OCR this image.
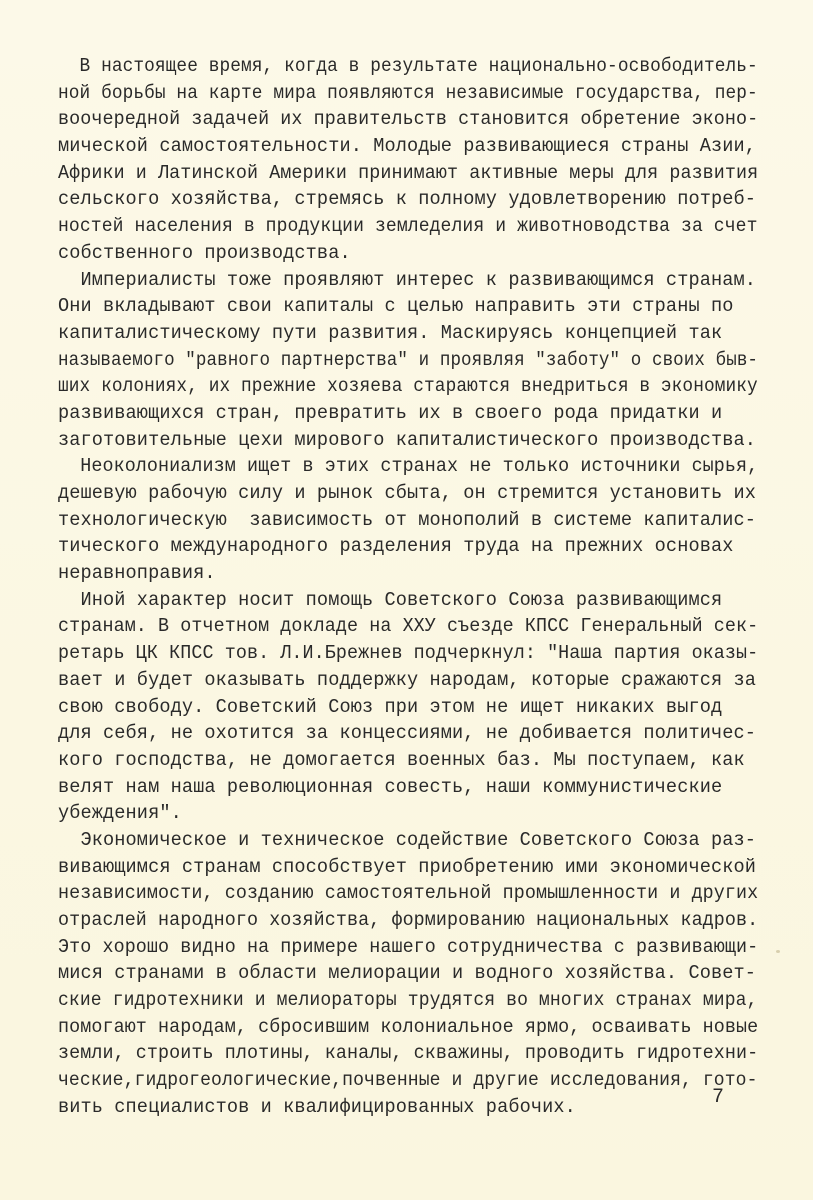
В настоящее время, когда в результате национально-освободитель-
ной борьбы на карте мира появляются независимые государства, пер-
воочередной задачей их правительств становится обретение эконо-
мической самостоятельности. Молодые развивающиеся страны Азии,
Африки и Латинской Америки принимают активные меры для развития
сельского хозяйства, стремясь к полному удовлетворению потреб-
ностей населения в продукции земледелия и животноводства за счет
собственного производства.
Империалисты тоже проявляют интерес к развивающимся странам.
Они вкладывают свои капиталы с целью направить эти страны по
капиталистическому пути развития. Маскируясь концепцией так
называемого "равного партнерства" и проявляя "заботу" о своих быв-
ших колониях, их прежние хозяева стараются внедриться в экономику
развивающихся стран, превратить их в своего рода придатки и
заготовительные цехи мирового капиталистического производства.
Неоколониализм ищет в этих странах не только источники сырья,
дешевую рабочую силу и рынок сбыта, он стремится установить их
технологическую  зависимость от монополий в системе капиталис-
тического международного разделения труда на прежних основах
неравноправия.
Иной характер носит помощь Советского Союза развивающимся
странам. В отчетном докладе на XXУ съезде КПСС Генеральный сек-
ретарь ЦК КПСС тов. Л.И.Брежнев подчеркнул: "Наша партия оказы-
вает и будет оказывать поддержку народам, которые сражаются за
свою свободу. Советский Союз при этом не ищет никаких выгод
для себя, не охотится за концессиями, не добивается политичес-
кого господства, не домогается военных баз. Мы поступаем, как
велят нам наша революционная совесть, наши коммунистические
убеждения".
Экономическое и техническое содействие Советского Союза раз-
вивающимся странам способствует приобретению ими экономической
независимости, созданию самостоятельной промышленности и других
отраслей народного хозяйства, формированию национальных кадров.
Это хорошо видно на примере нашего сотрудничества с развивающи-
мися странами в области мелиорации и водного хозяйства. Совет-
ские гидротехники и мелиораторы трудятся во многих странах мира,
помогают народам, сбросившим колониальное ярмо, осваивать новые
земли, строить плотины, каналы, скважины, проводить гидротехни-
ческие,гидрогеологические,почвенные и другие исследования, гото-
вить специалистов и квалифицированных рабочих.	7
